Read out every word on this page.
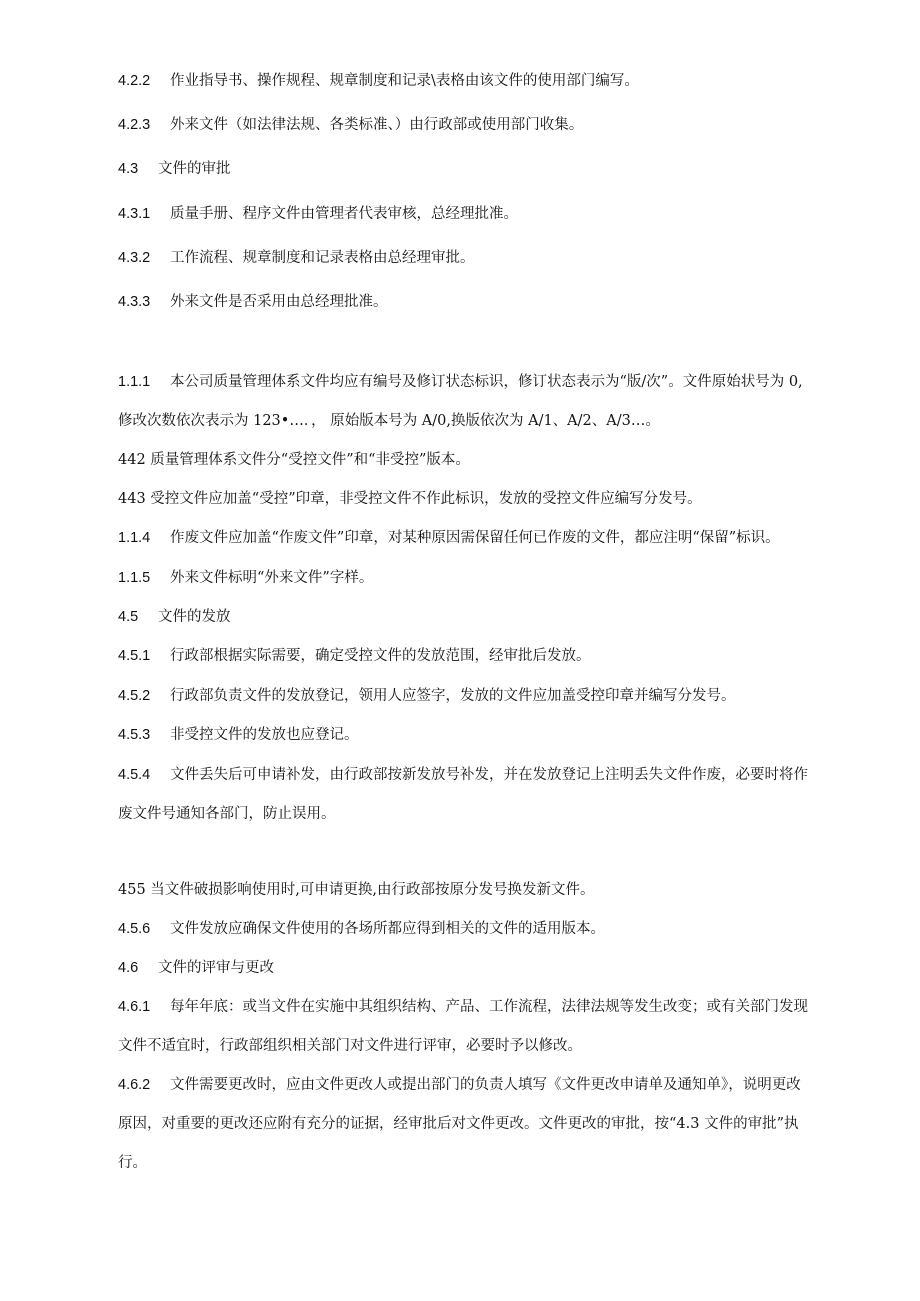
4.2.2 作业指导书、操作规程、规章制度和记录\表格由该文件的使用部门编写。
4.2.3 外来文件（如法律法规、各类标准、）由行政部或使用部门收集。
4.3 文件的审批
4.3.1 质量手册、程序文件由管理者代表审核，总经理批准。
4.3.2 工作流程、规章制度和记录表格由总经理审批。
4.3.3 外来文件是否采用由总经理批准。
1.1.1 本公司质量管理体系文件均应有编号及修订状态标识，修订状态表示为“版/次”。文件原始状号为 0,
修改次数依次表示为 123•…．， 原始版本号为 A/0,换版依次为 A/1、A/2、A/3…。
442 质量管理体系文件分“受控文件”和“非受控”版本。
443 受控文件应加盖“受控”印章，非受控文件不作此标识，发放的受控文件应编写分发号。
1.1.4 作废文件应加盖“作废文件”印章，对某种原因需保留任何已作废的文件，都应注明“保留”标识。
1.1.5 外来文件标明“外来文件”字样。
4.5 文件的发放
4.5.1 行政部根据实际需要，确定受控文件的发放范围，经审批后发放。
4.5.2 行政部负责文件的发放登记，领用人应签字，发放的文件应加盖受控印章并编写分发号。
4.5.3 非受控文件的发放也应登记。
4.5.4 文件丢失后可申请补发，由行政部按新发放号补发，并在发放登记上注明丢失文件作废，必要时将作
废文件号通知各部门，防止误用。
455 当文件破损影响使用时,可申请更换,由行政部按原分发号换发新文件。
4.5.6 文件发放应确保文件使用的各场所都应得到相关的文件的适用版本。
4.6 文件的评审与更改
4.6.1 每年年底：或当文件在实施中其组织结构、产品、工作流程，法律法规等发生改变；或有关部门发现
文件不适宜时，行政部组织相关部门对文件进行评审，必要时予以修改。
4.6.2 文件需要更改时，应由文件更改人或提出部门的负责人填写《文件更改申请单及通知单》，说明更改
原因，对重要的更改还应附有充分的证据，经审批后对文件更改。文件更改的审批，按“4.3 文件的审批”执
行。
